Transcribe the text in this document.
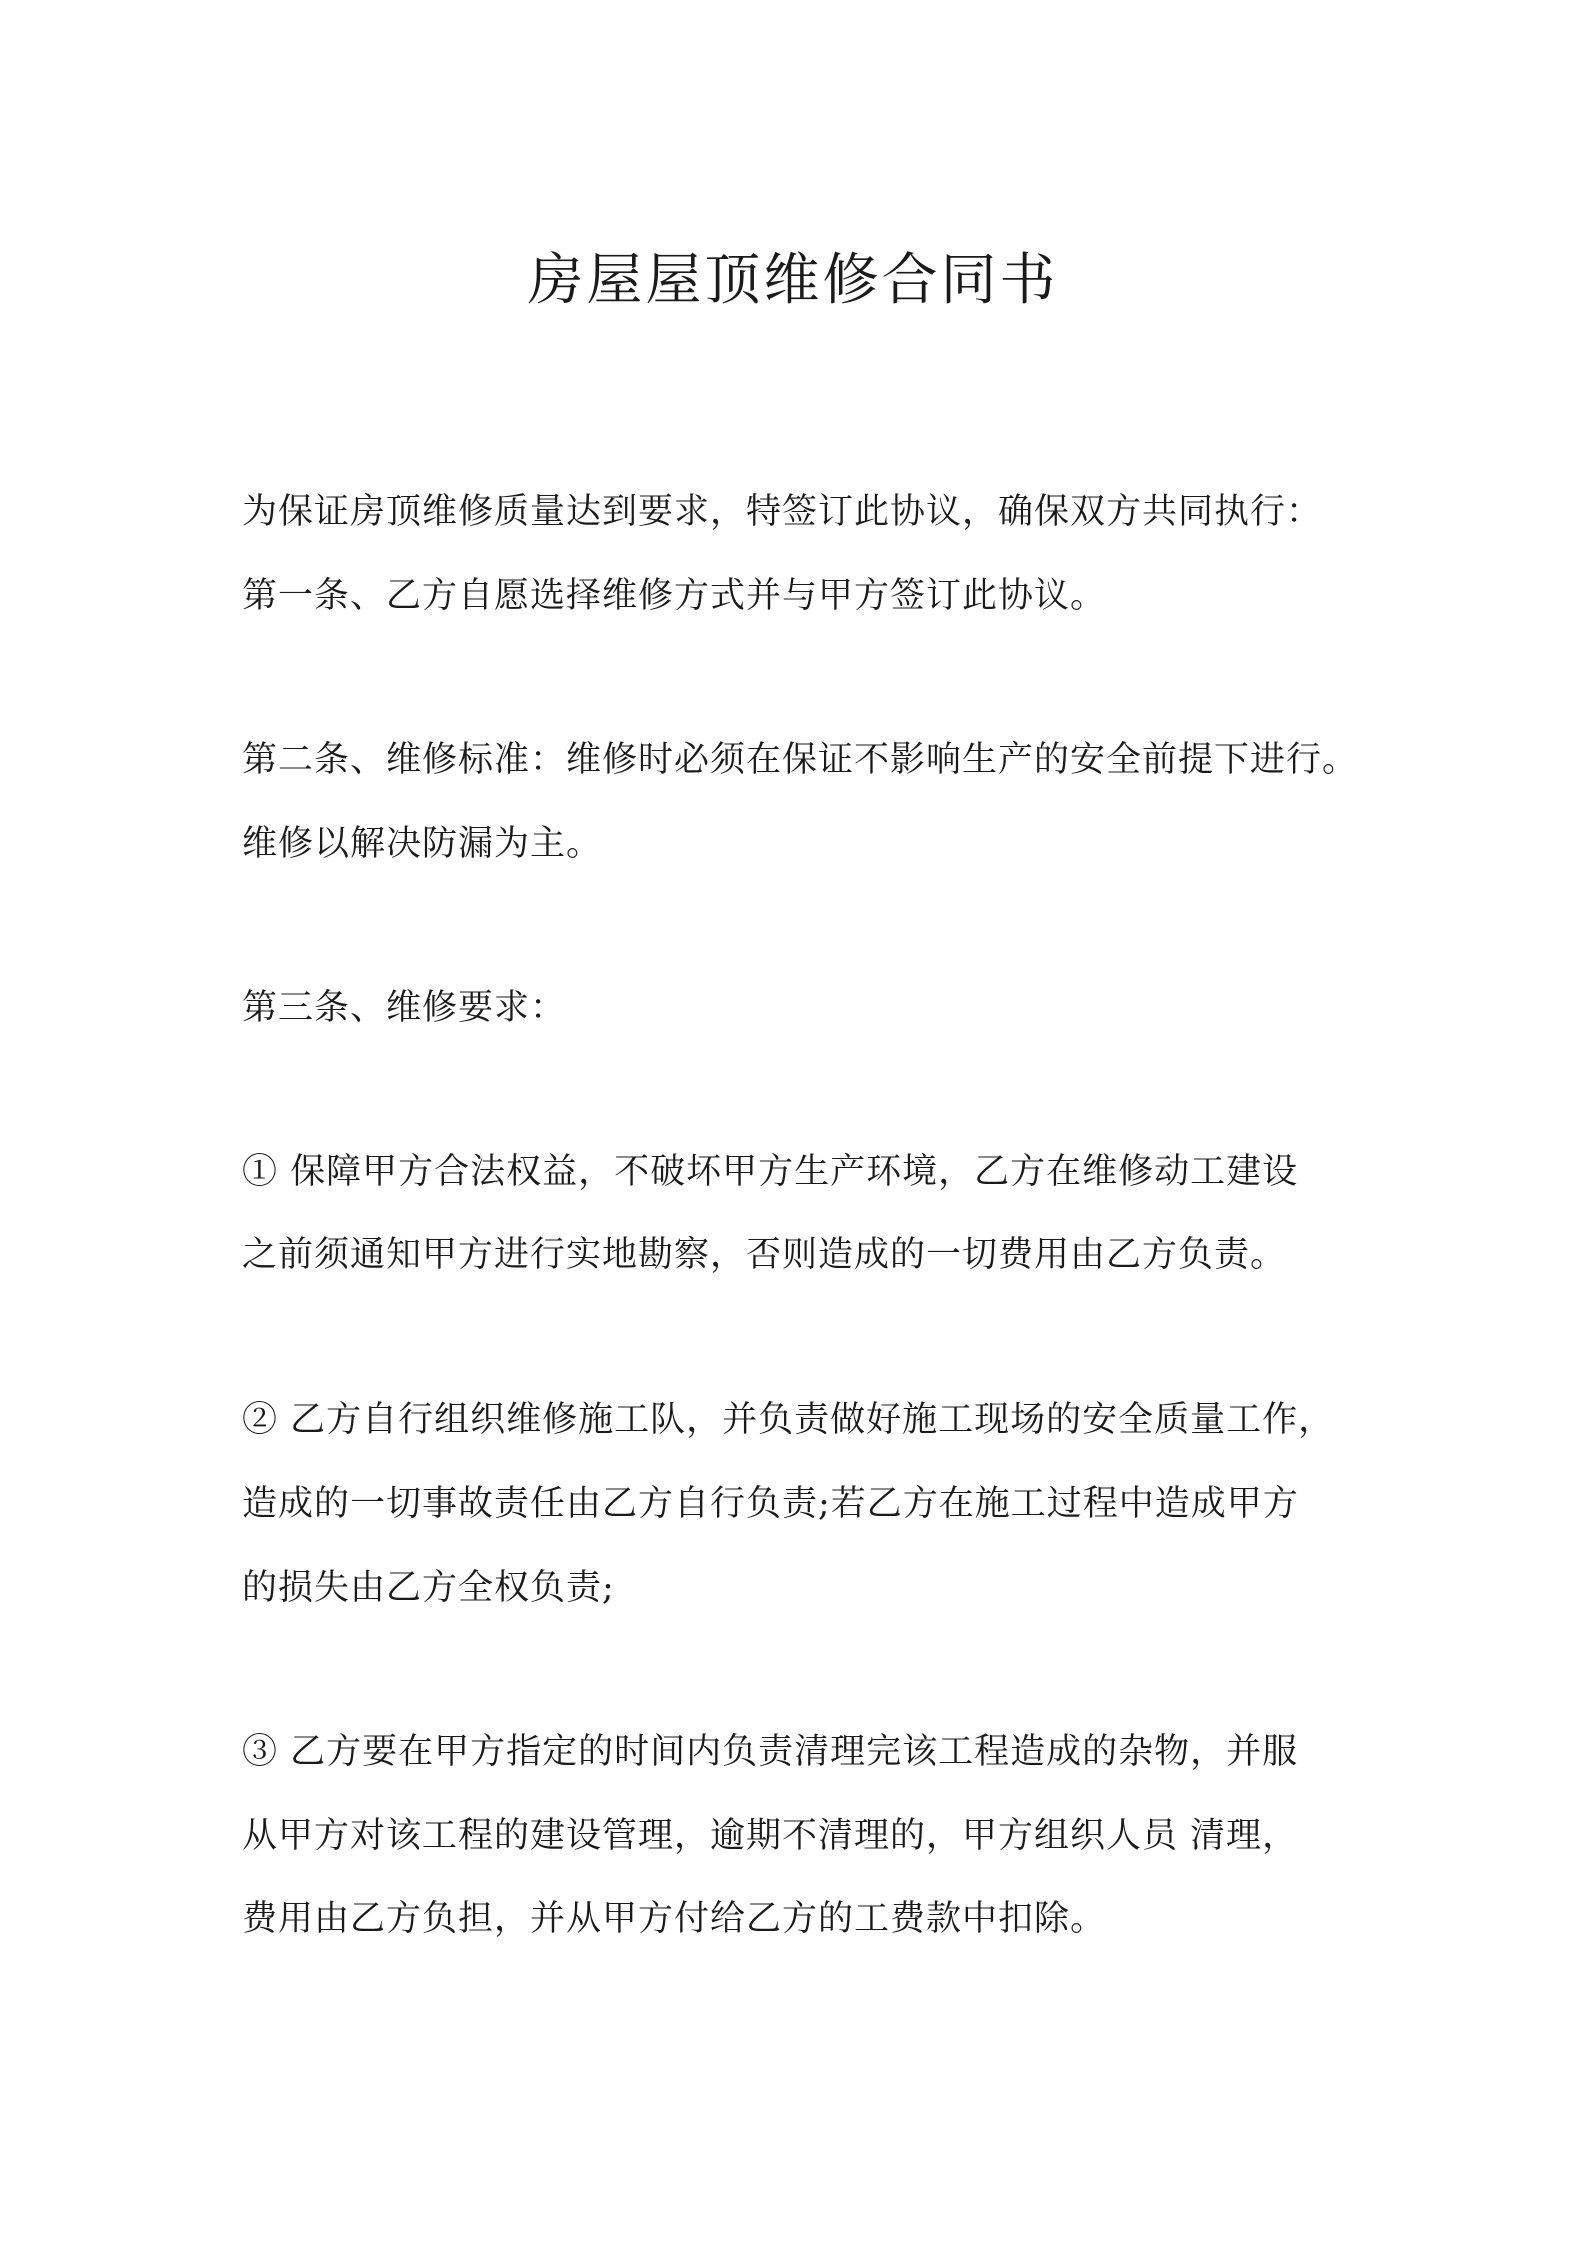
房屋屋顶维修合同书
为保证房顶维修质量达到要求，特签订此协议，确保双方共同执行：
第一条、乙方自愿选择维修方式并与甲方签订此协议。
第二条、维修标准：维修时必须在保证不影响生产的安全前提下进行。
维修以解决防漏为主。
第三条、维修要求：
① 保障甲方合法权益，不破坏甲方生产环境，乙方在维修动工建设
之前须通知甲方进行实地勘察，否则造成的一切费用由乙方负责。
② 乙方自行组织维修施工队，并负责做好施工现场的安全质量工作，
造成的一切事故责任由乙方自行负责;若乙方在施工过程中造成甲方
的损失由乙方全权负责;
③ 乙方要在甲方指定的时间内负责清理完该工程造成的杂物，并服
从甲方对该工程的建设管理，逾期不清理的，甲方组织人员 清理，
费用由乙方负担，并从甲方付给乙方的工费款中扣除。
